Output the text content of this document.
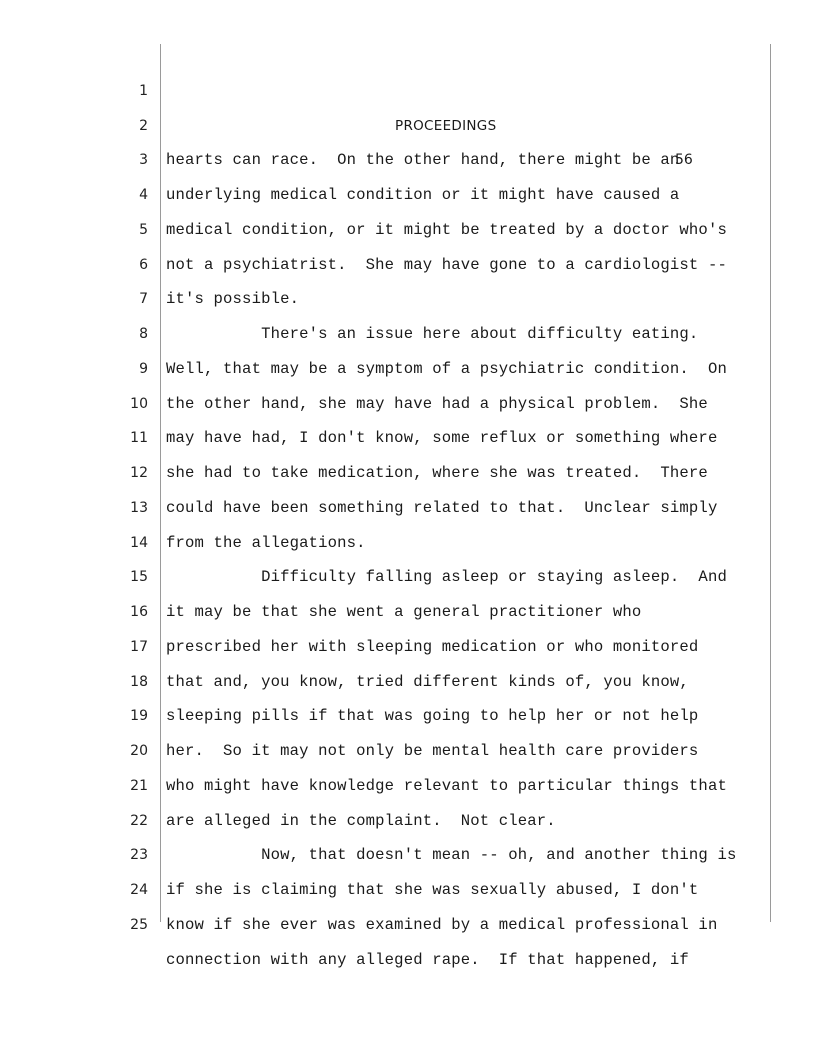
1

PROCEEDINGS

56

2

hearts can race.  On the other hand, there might be an

3

underlying medical condition or it might have caused a

4

medical condition, or it might be treated by a doctor who's

5

not a psychiatrist.  She may have gone to a cardiologist --

6

it's possible.

7

There's an issue here about difficulty eating.

8

Well, that may be a symptom of a psychiatric condition.  On

9

the other hand, she may have had a physical problem.  She

10

may have had, I don't know, some reflux or something where

11

she had to take medication, where she was treated.  There

12

could have been something related to that.  Unclear simply

13

from the allegations.

14

Difficulty falling asleep or staying asleep.  And

15

it may be that she went a general practitioner who

16

prescribed her with sleeping medication or who monitored

17

that and, you know, tried different kinds of, you know,

18

sleeping pills if that was going to help her or not help

19

her.  So it may not only be mental health care providers

20

who might have knowledge relevant to particular things that

21

are alleged in the complaint.  Not clear.

22

Now, that doesn't mean -- oh, and another thing is

23

if she is claiming that she was sexually abused, I don't

24

know if she ever was examined by a medical professional in

25

connection with any alleged rape.  If that happened, if
